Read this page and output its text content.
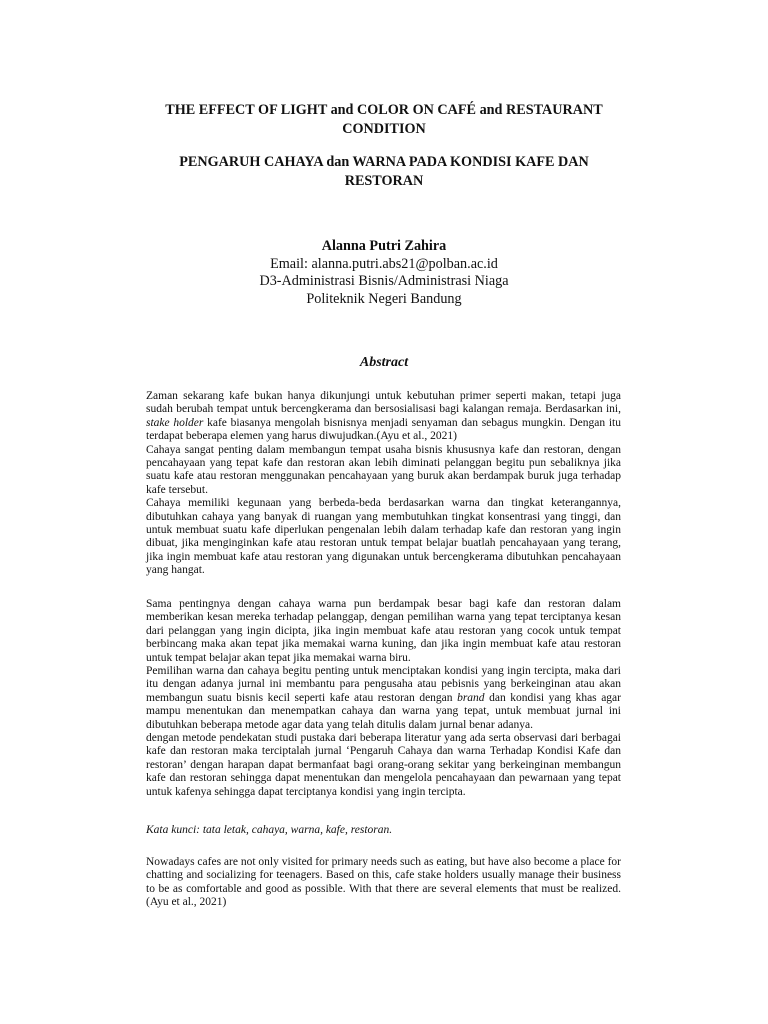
THE EFFECT OF LIGHT and COLOR ON CAFÉ and RESTAURANT CONDITION
PENGARUH CAHAYA dan WARNA PADA KONDISI KAFE DAN RESTORAN
Alanna Putri Zahira
Email: alanna.putri.abs21@polban.ac.id
D3-Administrasi Bisnis/Administrasi Niaga
Politeknik Negeri Bandung
Abstract

Zaman sekarang kafe bukan hanya dikunjungi untuk kebutuhan primer seperti makan, tetapi juga sudah berubah tempat untuk bercengkerama dan bersosialisasi bagi kalangan remaja. Berdasarkan ini, stake holder kafe biasanya mengolah bisnisnya menjadi senyaman dan sebagus mungkin. Dengan itu terdapat beberapa elemen yang harus diwujudkan.(Ayu et al., 2021)

Cahaya sangat penting dalam membangun tempat usaha bisnis khususnya kafe dan restoran, dengan pencahayaan yang tepat kafe dan restoran akan lebih diminati pelanggan begitu pun sebaliknya jika suatu kafe atau restoran menggunakan pencahayaan yang buruk akan berdampak buruk juga terhadap kafe tersebut.

Cahaya memiliki kegunaan yang berbeda-beda berdasarkan warna dan tingkat keterangannya, dibutuhkan cahaya yang banyak di ruangan yang membutuhkan tingkat konsentrasi yang tinggi, dan untuk membuat suatu kafe diperlukan pengenalan lebih dalam terhadap kafe dan restoran yang ingin dibuat, jika menginginkan kafe atau restoran untuk tempat belajar buatlah pencahayaan yang terang, jika ingin membuat kafe atau restoran yang digunakan untuk bercengkerama dibutuhkan pencahayaan yang hangat.

Sama pentingnya dengan cahaya warna pun berdampak besar bagi kafe dan restoran dalam memberikan kesan mereka terhadap pelanggap, dengan pemilihan warna yang tepat terciptanya kesan dari pelanggan yang ingin dicipta, jika ingin membuat kafe atau restoran yang cocok untuk tempat berbincang maka akan tepat jika memakai warna kuning, dan jika ingin membuat kafe atau restoran untuk tempat belajar akan tepat jika memakai warna biru.

Pemilihan warna dan cahaya begitu penting untuk menciptakan kondisi yang ingin tercipta, maka dari itu dengan adanya jurnal ini membantu para pengusaha atau pebisnis yang berkeinginan atau akan membangun suatu bisnis kecil seperti kafe atau restoran dengan brand dan kondisi yang khas agar mampu menentukan dan menempatkan cahaya dan warna yang tepat, untuk membuat jurnal ini dibutuhkan beberapa metode agar data yang telah ditulis dalam jurnal benar adanya.

dengan metode pendekatan studi pustaka dari beberapa literatur yang ada serta observasi dari berbagai kafe dan restoran maka terciptalah jurnal ‘Pengaruh Cahaya dan warna Terhadap Kondisi Kafe dan restoran’ dengan harapan dapat bermanfaat bagi orang-orang sekitar yang berkeinginan membangun kafe dan restoran sehingga dapat menentukan dan mengelola pencahayaan dan pewarnaan yang tepat untuk kafenya sehingga dapat terciptanya kondisi yang ingin tercipta.

Kata kunci: tata letak, cahaya, warna, kafe, restoran.

Nowadays cafes are not only visited for primary needs such as eating, but have also become a place for chatting and socializing for teenagers. Based on this, cafe stake holders usually manage their business to be as comfortable and good as possible. With that there are several elements that must be realized. (Ayu et al., 2021)
